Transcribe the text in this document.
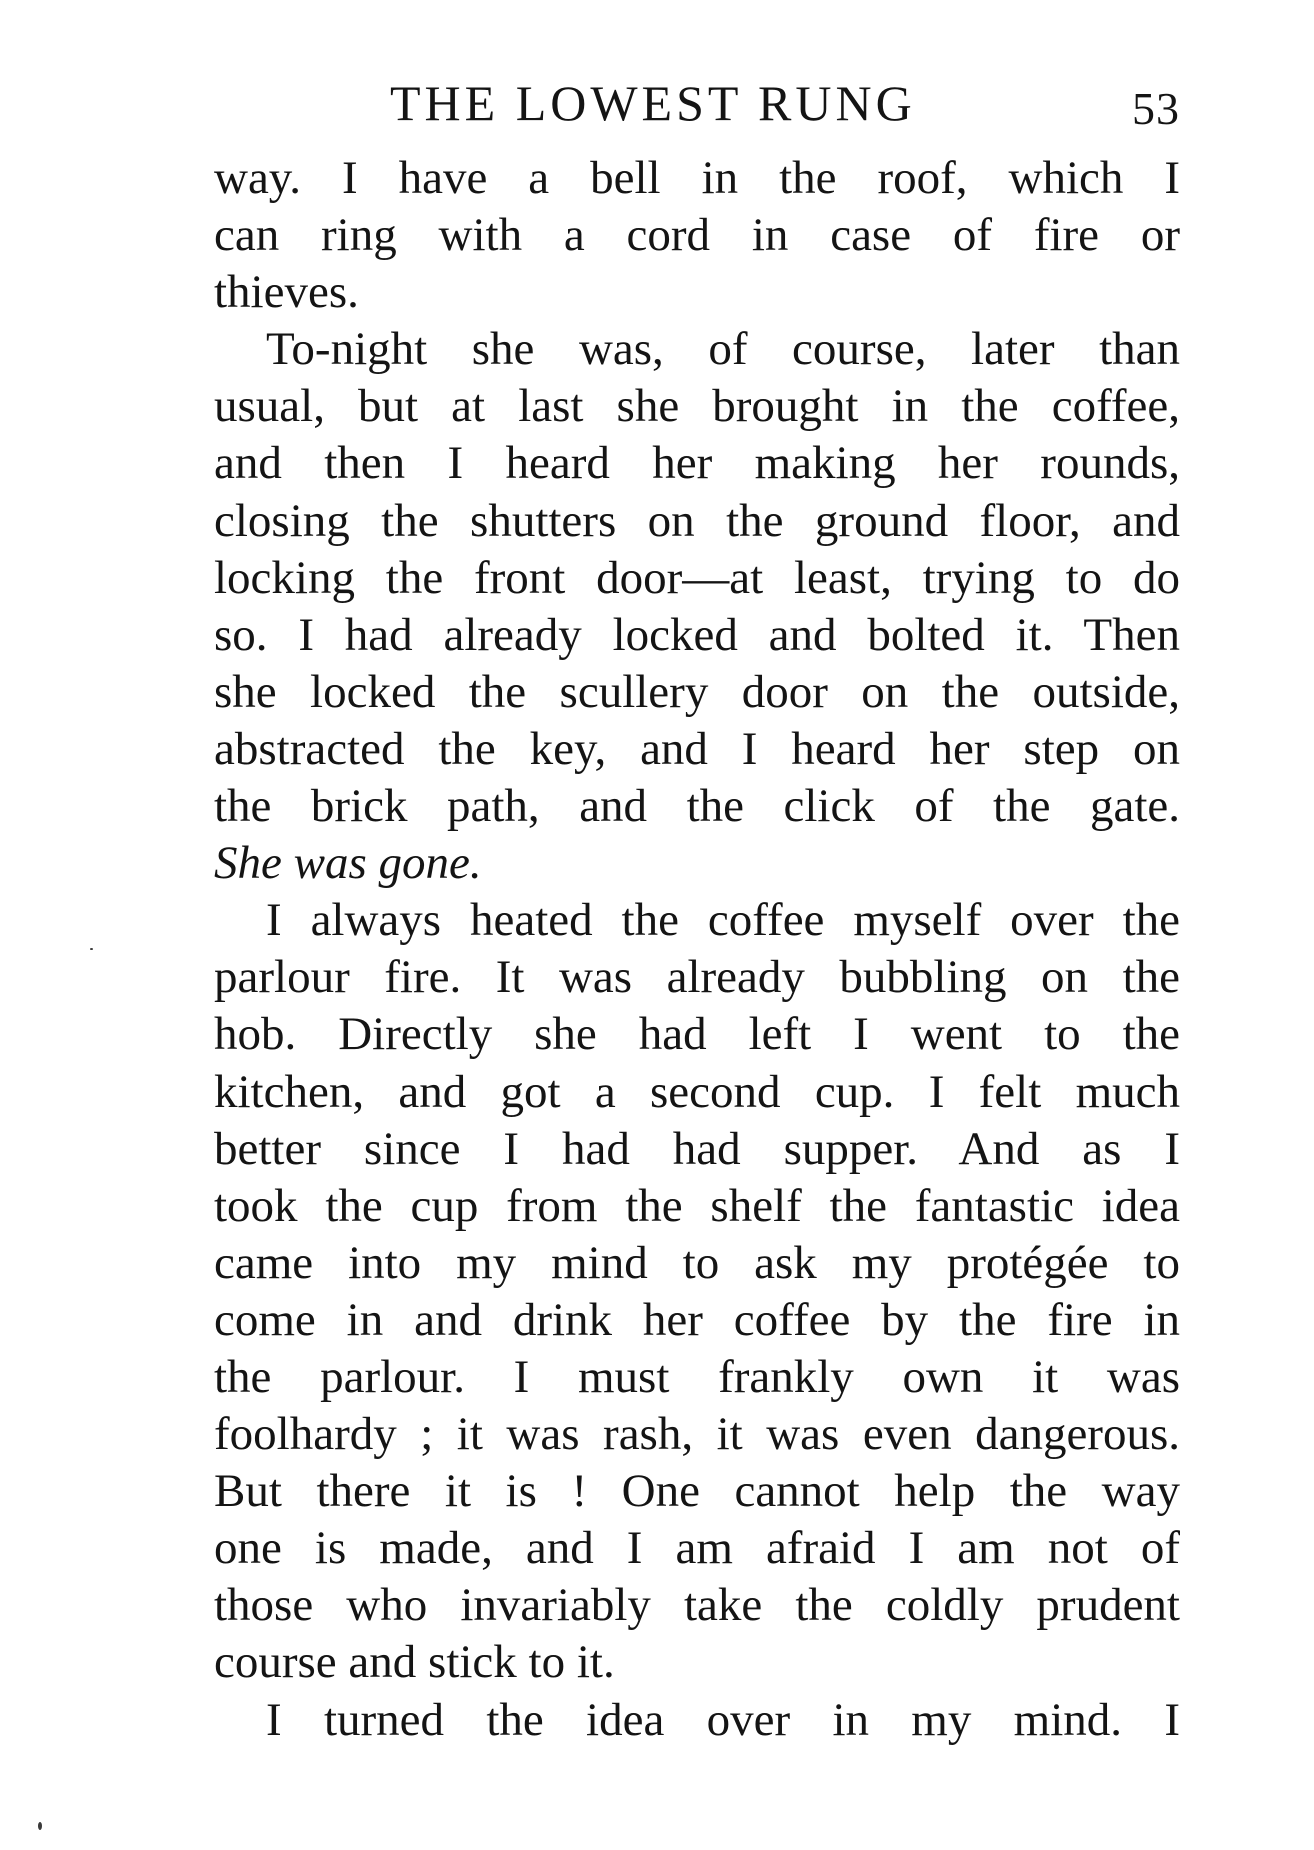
THE LOWEST RUNG	53
way. I have a bell in the roof, which I
can ring with a cord in case of fire or
thieves.
To-night she was, of course, later than
usual, but at last she brought in the coffee,
and then I heard her making her rounds,
closing the shutters on the ground floor, and
locking the front door—at least, trying to do
so. I had already locked and bolted it. Then
she locked the scullery door on the outside,
abstracted the key, and I heard her step on
the brick path, and the click of the gate.
She was gone.
I always heated the coffee myself over the
parlour fire. It was already bubbling on the
hob. Directly she had left I went to the
kitchen, and got a second cup. I felt much
better since I had had supper. And as I
took the cup from the shelf the fantastic idea
came into my mind to ask my protégée to
come in and drink her coffee by the fire in
the parlour. I must frankly own it was
foolhardy ; it was rash, it was even dangerous.
But there it is ! One cannot help the way
one is made, and I am afraid I am not of
those who invariably take the coldly prudent
course and stick to it.
I turned the idea over in my mind. I
